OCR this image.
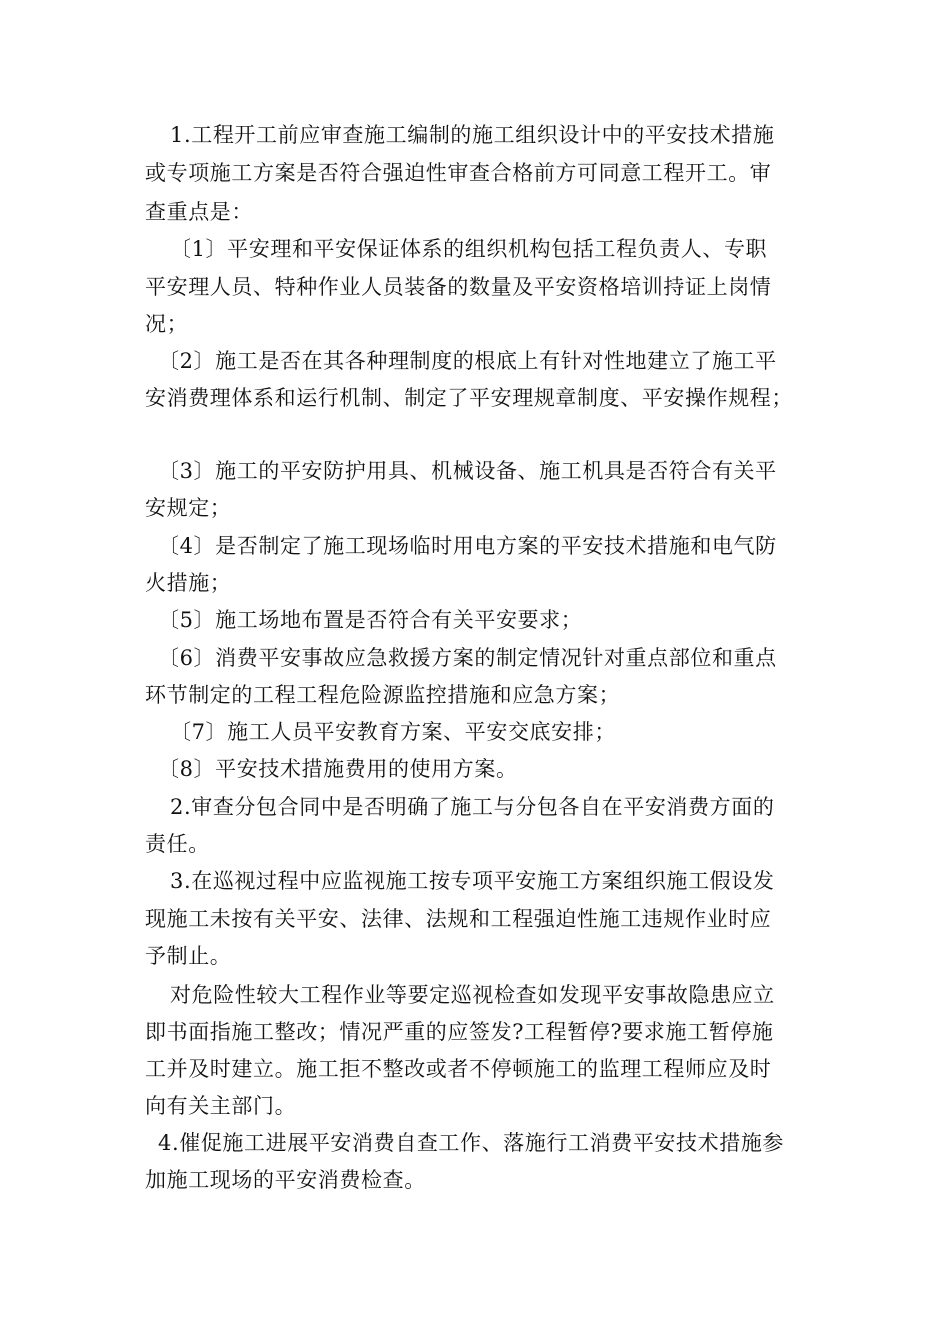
1.工程开工前应审查施工编制的施工组织设计中的平安技术措施
或专项施工方案是否符合强迫性审查合格前方可同意工程开工。审
查重点是：
〔1〕平安理和平安保证体系的组织机构包括工程负责人、专职
平安理人员、特种作业人员装备的数量及平安资格培训持证上岗情
况；
〔2〕施工是否在其各种理制度的根底上有针对性地建立了施工平
安消费理体系和运行机制、制定了平安理规章制度、平安操作规程；
〔3〕施工的平安防护用具、机械设备、施工机具是否符合有关平
安规定；
〔4〕是否制定了施工现场临时用电方案的平安技术措施和电气防
火措施；
〔5〕施工场地布置是否符合有关平安要求；
〔6〕消费平安事故应急救援方案的制定情况针对重点部位和重点
环节制定的工程工程危险源监控措施和应急方案；
〔7〕施工人员平安教育方案、平安交底安排；
〔8〕平安技术措施费用的使用方案。
2.审查分包合同中是否明确了施工与分包各自在平安消费方面的
责任。
3.在巡视过程中应监视施工按专项平安施工方案组织施工假设发
现施工未按有关平安、法律、法规和工程强迫性施工违规作业时应
予制止。
对危险性较大工程作业等要定巡视检查如发现平安事故隐患应立
即书面指施工整改；情况严重的应签发?工程暂停?要求施工暂停施
工并及时建立。施工拒不整改或者不停顿施工的监理工程师应及时
向有关主部门。
4.催促施工进展平安消费自查工作、落施行工消费平安技术措施参
加施工现场的平安消费检查。
